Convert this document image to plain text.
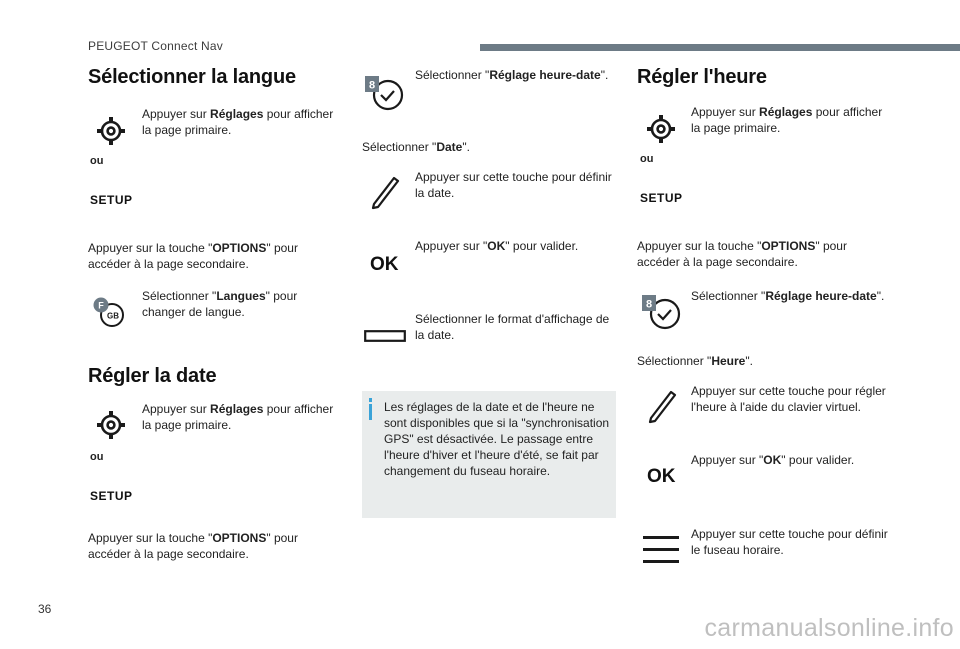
PEUGEOT Connect Nav
Sélectionner la langue
Appuyer sur Réglages pour afficher la page primaire.
ou
SETUP
Appuyer sur la touche "OPTIONS" pour accéder à la page secondaire.
F
GB
Sélectionner "Langues" pour changer de langue.
Régler la date
Appuyer sur Réglages pour afficher la page primaire.
ou
SETUP
Appuyer sur la touche "OPTIONS" pour accéder à la page secondaire.
8
Sélectionner "Réglage heure-date".
Sélectionner "Date".
Appuyer sur cette touche pour définir la date.
OK
Appuyer sur "OK" pour valider.
Sélectionner le format d'affichage de la date.
Les réglages de la date et de l'heure ne sont disponibles que si la "synchronisation GPS" est désactivée. Le passage entre l'heure d'hiver et l'heure d'été, se fait par changement du fuseau horaire.
Régler l'heure
Appuyer sur Réglages pour afficher la page primaire.
ou
SETUP
Appuyer sur la touche "OPTIONS" pour accéder à la page secondaire.
8
Sélectionner "Réglage heure-date".
Sélectionner "Heure".
Appuyer sur cette touche pour régler l'heure à l'aide du clavier virtuel.
OK
Appuyer sur "OK" pour valider.
Appuyer sur cette touche pour définir le fuseau horaire.
36
carmanualsonline.info
